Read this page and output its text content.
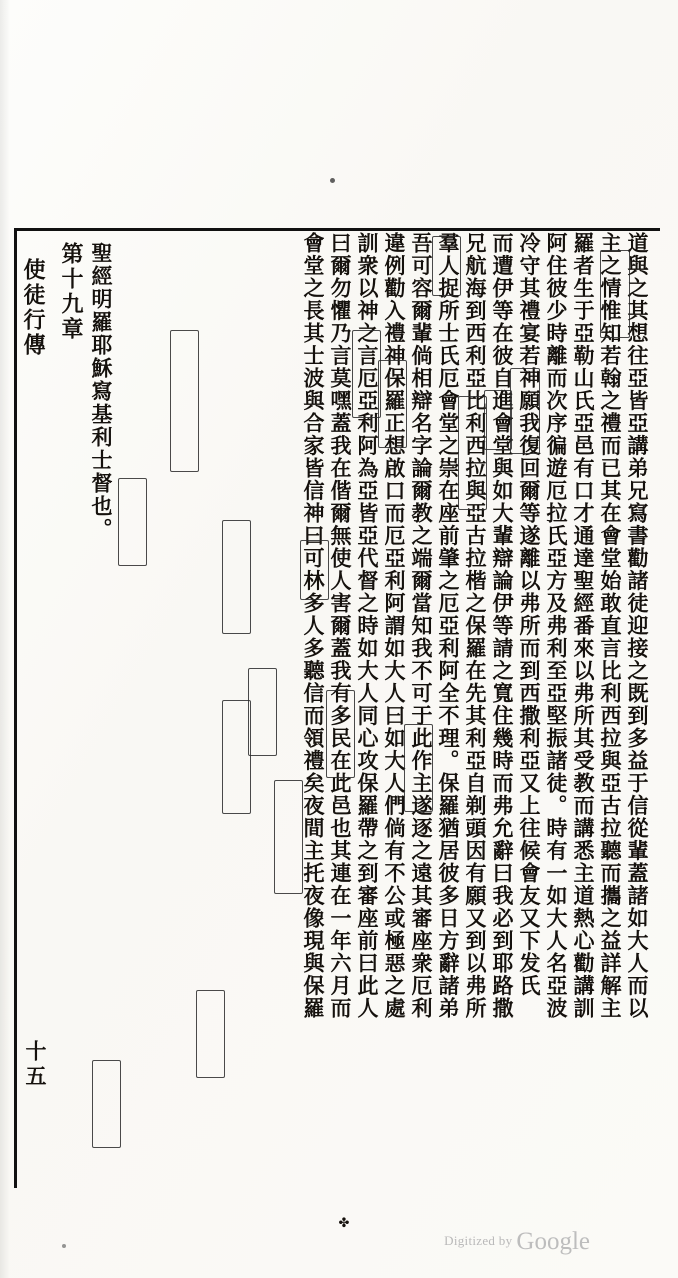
使徒行傳
十五
第十九章 聖經明羅耶穌寫基利士督也。	會堂之長其士波與合家皆信神曰可林多人多聽信而領禮矣夜間主托夜像現與保羅 曰爾勿懼乃言莫嘿蓋我在偕爾無使人害爾蓋我有多民在此邑也其連在一年六月而 訓衆以神之言厄亞利阿為亞皆亞代督之時如大人同心攻保羅帶之到審座前曰此人 違例勸入禮神保羅正想啟口而厄亞利阿謂如大人曰如大人們倘有不公或極惡之處 吾可容爾輩倘相辯名字論爾教之端爾當知我不可于此作主遂逐之遠其審座衆厄利 羣人捉所士氏厄會堂之崇在座前肇之厄亞利阿全不理。保羅猶居彼多日方辭諸弟 兄航海到西利亞比利西拉與亞古拉楷之保羅在先其利亞自剃頭因有願又到以弗所 而遭伊等在彼自進會堂與如大輩辯論伊等請之寬住幾時而弗允辭曰我必到耶路撒 冷守其禮宴若神願我復回爾等遂離以弗所而到西撒利亞又上往候會友又下发氏 阿住彼少時離而次序徧遊厄拉氏亞方及弗利至亞堅振諸徒。時有一如大人名亞波 羅者生于亞勒山氏亞邑有口才通達聖經番來以弗所其受教而講悉主道熱心勸講訓 主之情惟知若翰之禮而已其在會堂始敢直言比利西拉與亞古拉聽而攜之益詳解主 道與之其想往亞皆亞講弟兄寫書勸諸徒迎接之既到多益于信從輩蓋諸如大人而以
✤
Digitized by Google
